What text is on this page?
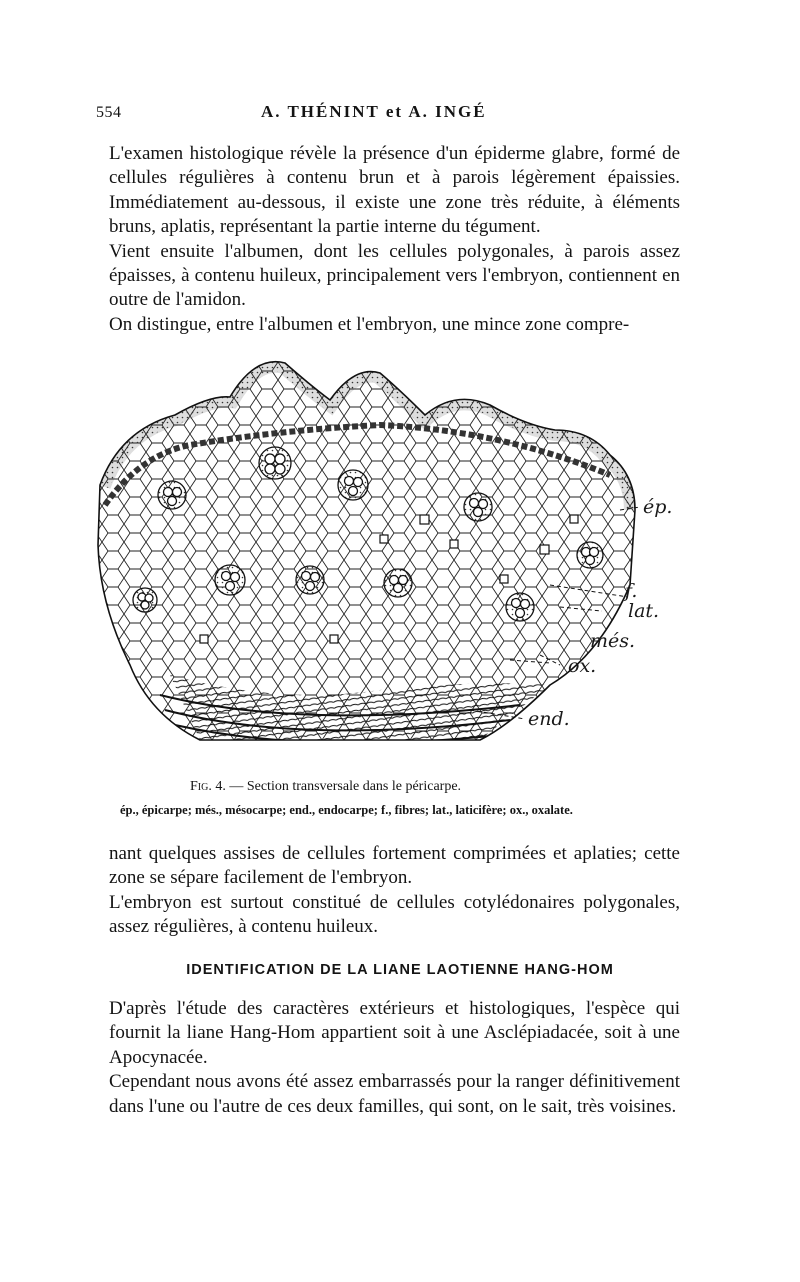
554	A. THÉNINT et A. INGÉ

L'examen histologique révèle la présence d'un épiderme glabre, formé de cellules régulières à contenu brun et à parois légèrement épaissies. Immédiatement au-dessous, il existe une zone très réduite, à éléments bruns, aplatis, représentant la partie interne du tégument.

Vient ensuite l'albumen, dont les cellules polygonales, à parois assez épaisses, à contenu huileux, principalement vers l'embryon, contiennent en outre de l'amidon.

On distingue, entre l'albumen et l'embryon, une mince zone compre-

ép.
f.
lat.
més.
ox.
end.
Fig. 4. — Section transversale dans le péricarpe.
ép., épicarpe; més., mésocarpe; end., endocarpe; f., fibres; lat., laticifère; ox., oxalate.

nant quelques assises de cellules fortement comprimées et aplaties; cette zone se sépare facilement de l'embryon.

L'embryon est surtout constitué de cellules cotylédonaires polygonales, assez régulières, à contenu huileux.

IDENTIFICATION DE LA LIANE LAOTIENNE HANG-HOM

D'après l'étude des caractères extérieurs et histologiques, l'espèce qui fournit la liane Hang-Hom appartient soit à une Asclépiadacée, soit à une Apocynacée.

Cependant nous avons été assez embarrassés pour la ranger définitivement dans l'une ou l'autre de ces deux familles, qui sont, on le sait, très voisines.
